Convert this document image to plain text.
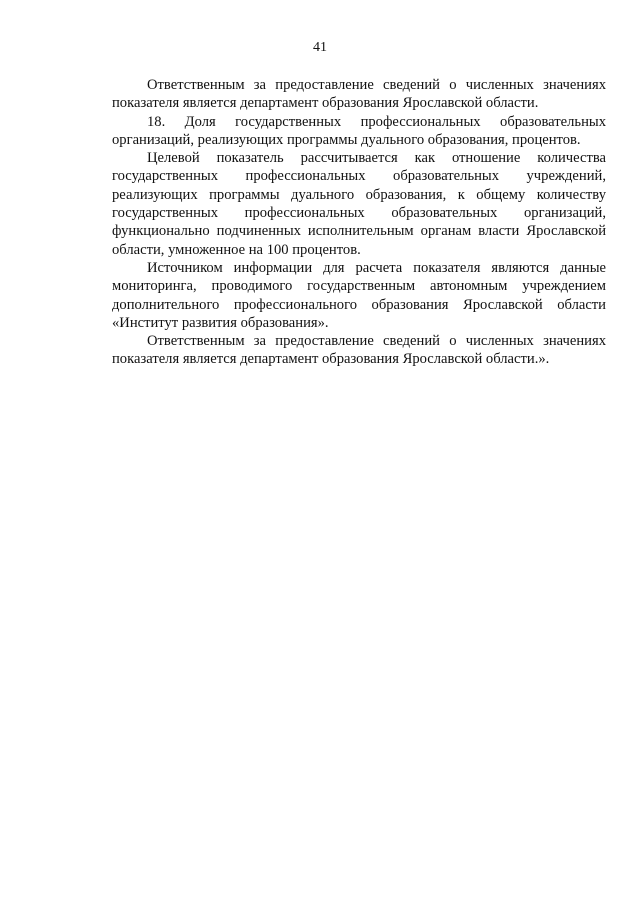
41

Ответственным за предоставление сведений о численных значениях показателя является департамент образования Ярославской области.

18. Доля государственных профессиональных образовательных организаций, реализующих программы дуального образования, процентов.

Целевой показатель рассчитывается как отношение количества государственных профессиональных образовательных учреждений, реализующих программы дуального образования, к общему количеству государственных профессиональных образовательных организаций, функционально подчиненных исполнительным органам власти Ярославской области, умноженное на 100 процентов.

Источником информации для расчета показателя являются данные мониторинга, проводимого государственным автономным учреждением дополнительного профессионального образования Ярославской области «Институт развития образования».

Ответственным за предоставление сведений о численных значениях показателя является департамент образования Ярославской области.».
